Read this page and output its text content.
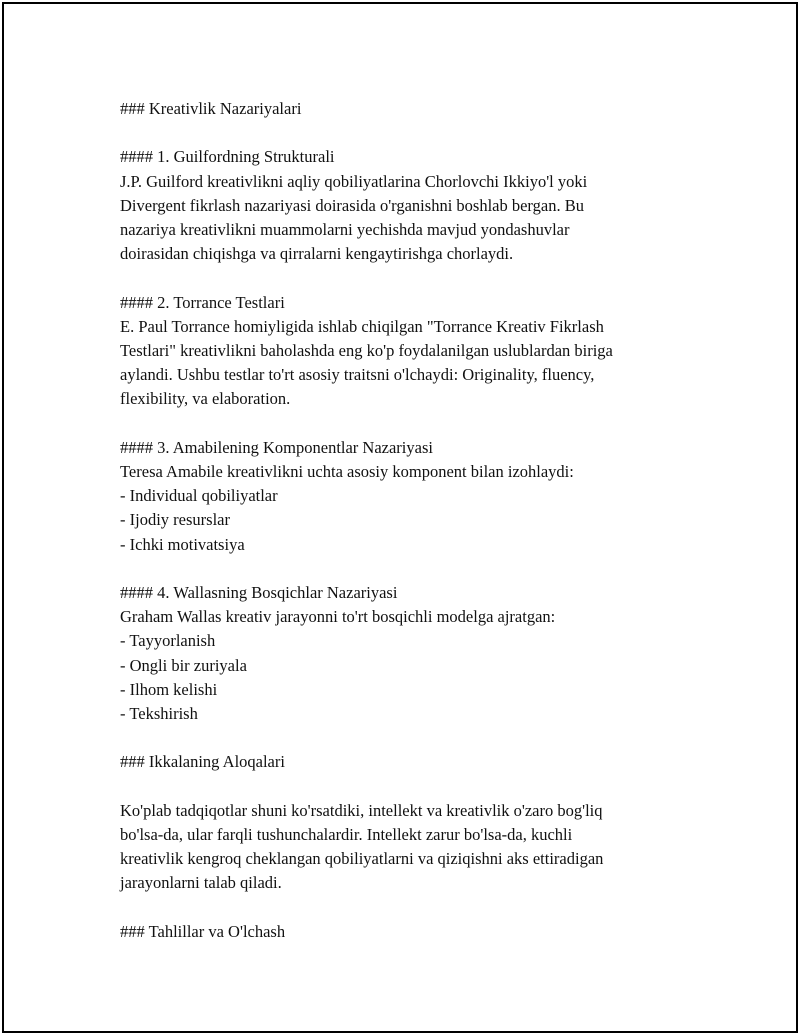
### Kreativlik Nazariyalari
#### 1. Guilfordning Strukturali
J.P. Guilford kreativlikni aqliy qobiliyatlarina Chorlovchi Ikkiyo'l yoki
Divergent fikrlash nazariyasi doirasida o'rganishni boshlab bergan. Bu
nazariya kreativlikni muammolarni yechishda mavjud yondashuvlar
doirasidan chiqishga va qirralarni kengaytirishga chorlaydi.
#### 2. Torrance Testlari
E. Paul Torrance homiyligida ishlab chiqilgan "Torrance Kreativ Fikrlash
Testlari" kreativlikni baholashda eng ko'p foydalanilgan uslublardan biriga
aylandi. Ushbu testlar to'rt asosiy traitsni o'lchaydi: Originality, fluency,
flexibility, va elaboration.
#### 3. Amabilening Komponentlar Nazariyasi
Teresa Amabile kreativlikni uchta asosiy komponent bilan izohlaydi:
- Individual qobiliyatlar
- Ijodiy resurslar
- Ichki motivatsiya
#### 4. Wallasning Bosqichlar Nazariyasi
Graham Wallas kreativ jarayonni to'rt bosqichli modelga ajratgan:
- Tayyorlanish
- Ongli bir zuriyala
- Ilhom kelishi
- Tekshirish
### Ikkalaning Aloqalari
Ko'plab tadqiqotlar shuni ko'rsatdiki, intellekt va kreativlik o'zaro bog'liq
bo'lsa-da, ular farqli tushunchalardir. Intellekt zarur bo'lsa-da, kuchli
kreativlik kengroq cheklangan qobiliyatlarni va qiziqishni aks ettiradigan
jarayonlarni talab qiladi.
### Tahlillar va O'lchash
